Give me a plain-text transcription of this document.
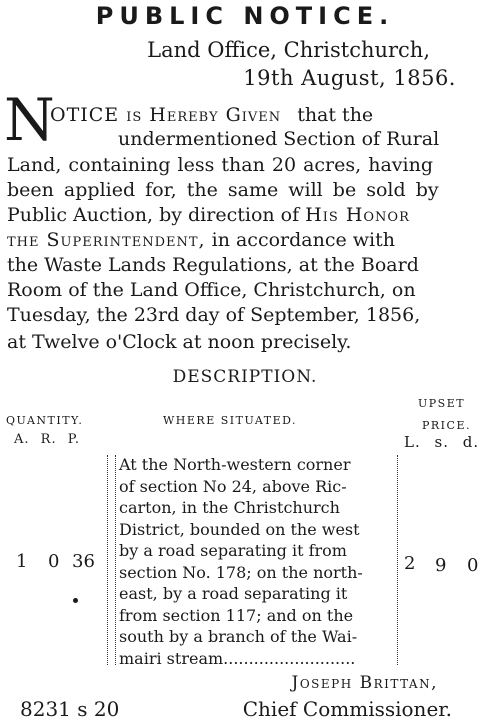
PUBLIC NOTICE.
Land Office, Christchurch,
19th August, 1856.
N
OTICE is Hereby Given that the
undermentioned Section of Rural
Land, containing less than 20 acres, having
been applied for, the same will be sold by
Public Auction, by direction of His Honor
the Superintendent, in accordance with
the Waste Lands Regulations, at the Board
Room of the Land Office, Christchurch, on
Tuesday, the 23rd day of September, 1856,
at Twelve o'Clock at noon precisely.
DESCRIPTION.
QUANTITY.
A. R. P.
WHERE SITUATED.
UPSET
PRICE.
L. s. d.
1 0 36
At the North-western corner
of section No 24, above Ric-
carton, in the Christchurch
District, bounded on the west
by a road separating it from
section No. 178; on the north-
east, by a road separating it
from section 117; and on the
south by a branch of the Wai-
mairi stream..........................
2 9 0
Joseph Brittan,
8231 s 20	Chief Commissioner.
